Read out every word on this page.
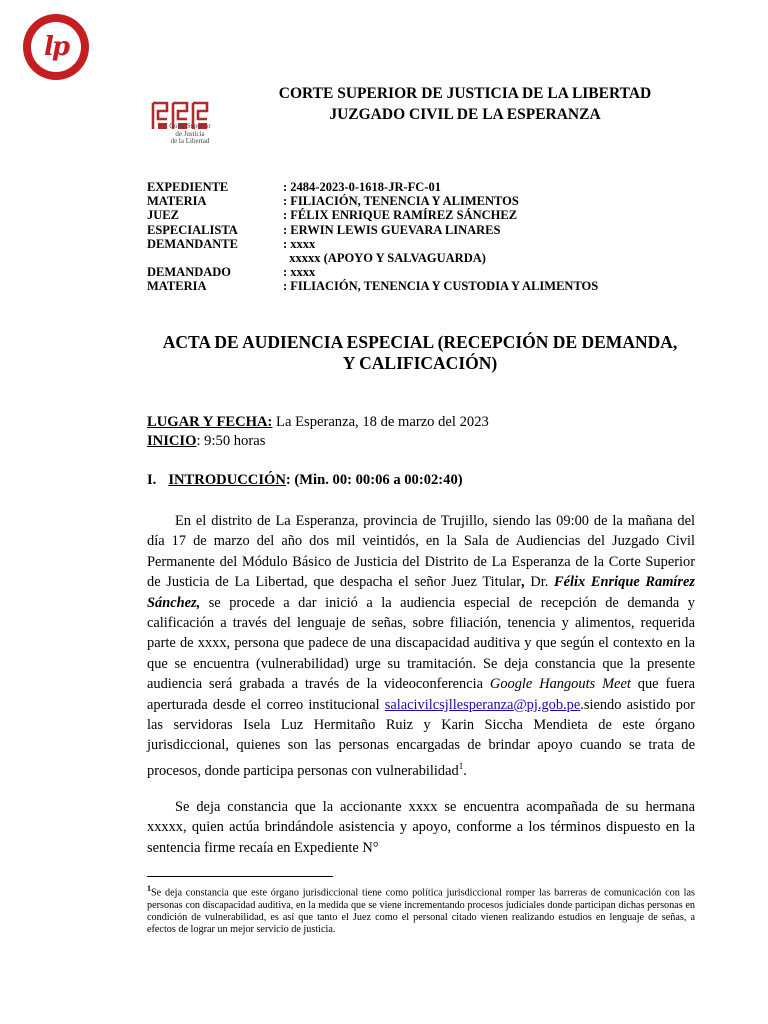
lp
Corte Superior
de Justicia
de la Libertad
CORTE SUPERIOR DE JUSTICIA DE LA LIBERTAD
JUZGADO CIVIL DE LA ESPERANZA
EXPEDIENTE	: 2484-2023-0-1618-JR-FC-01
MATERIA	: FILIACIÓN, TENENCIA Y ALIMENTOS
JUEZ	: FÉLIX ENRIQUE RAMÍREZ SÁNCHEZ
ESPECIALISTA	: ERWIN LEWIS GUEVARA LINARES
DEMANDANTE	: xxxx
xxxxx (APOYO Y SALVAGUARDA)
DEMANDADO	: xxxx
MATERIA	: FILIACIÓN, TENENCIA Y CUSTODIA Y ALIMENTOS
ACTA DE AUDIENCIA ESPECIAL (RECEPCIÓN DE DEMANDA,
Y CALIFICACIÓN)
LUGAR Y FECHA: La Esperanza, 18 de marzo del 2023
INICIO: 9:50 horas
I. INTRODUCCIÓN: (Min. 00: 00:06 a 00:02:40)

En el distrito de La Esperanza, provincia de Trujillo, siendo las 09:00 de la mañana del día 17 de marzo del año dos mil veintidós, en la Sala de Audiencias del Juzgado Civil Permanente del Módulo Básico de Justicia del Distrito de La Esperanza de la Corte Superior de Justicia de La Libertad, que despacha el señor Juez Titular, Dr. Félix Enrique Ramírez Sánchez, se procede a dar inició a la audiencia especial de recepción de demanda y calificación a través del lenguaje de señas, sobre filiación, tenencia y alimentos, requerida parte de xxxx, persona que padece de una discapacidad auditiva y que según el contexto en la que se encuentra (vulnerabilidad) urge su tramitación. Se deja constancia que la presente audiencia será grabada a través de la videoconferencia Google Hangouts Meet que fuera aperturada desde el correo institucional salacivilcsjllesperanza@pj.gob.pe.siendo asistido por las servidoras Isela Luz Hermitaño Ruiz y Karin Siccha Mendieta de este órgano jurisdiccional, quienes son las personas encargadas de brindar apoyo cuando se trata de procesos, donde participa personas con vulnerabilidad$^1$.

Se deja constancia que la accionante xxxx se encuentra acompañada de su hermana xxxxx, quien actúa brindándole asistencia y apoyo, conforme a los términos dispuesto en la sentencia firme recaía en Expediente N°

$^1$Se deja constancia que este órgano jurisdiccional tiene como política jurisdiccional romper las barreras de comunicación con las personas con discapacidad auditiva, en la medida que se viene incrementando procesos judiciales donde participan dichas personas en condición de vulnerabilidad, es así que tanto el Juez como el personal citado vienen realizando estudios en lenguaje de señas, a efectos de lograr un mejor servicio de justicia.
